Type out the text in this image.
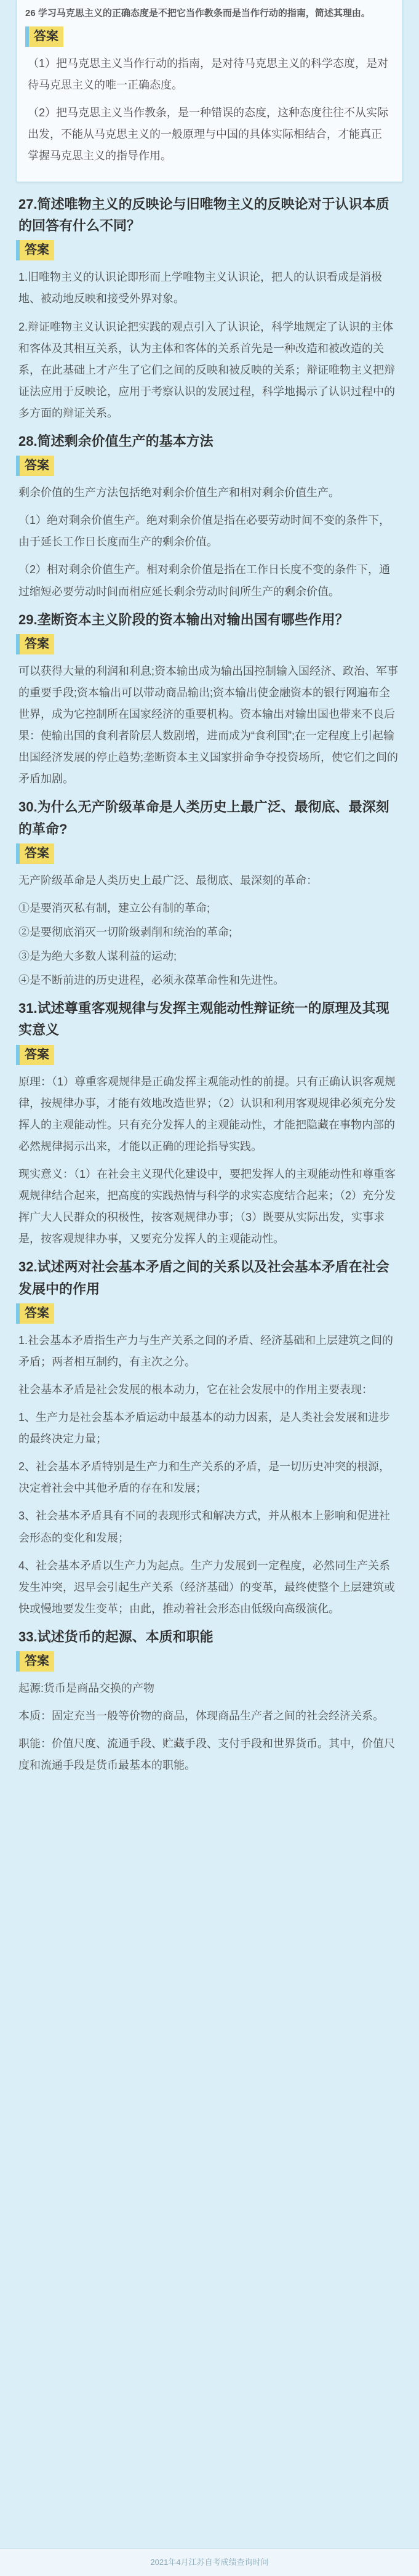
26 学习马克思主义的正确态度是不把它当作教条而是当作行动的指南，简述其理由。
答案
（1）把马克思主义当作行动的指南，是对待马克思主义的科学态度，是对待马克思主义的唯一正确态度。
（2）把马克思主义当作教条，是一种错误的态度，这种态度往往不从实际出发，不能从马克思主义的一般原理与中国的具体实际相结合，才能真正掌握马克思主义的指导作用。
27.简述唯物主义的反映论与旧唯物主义的反映论对于认识本质的回答有什么不同？
答案
1.旧唯物主义的认识论即形而上学唯物主义认识论，把人的认识看成是消极地、被动地反映和接受外界对象。
2.辩证唯物主义认识论把实践的观点引入了认识论，科学地规定了认识的主体和客体及其相互关系，认为主体和客体的关系首先是一种改造和被改造的关系，在此基础上才产生了它们之间的反映和被反映的关系；辩证唯物主义把辩证法应用于反映论，应用于考察认识的发展过程，科学地揭示了认识过程中的多方面的辩证关系。
28.简述剩余价值生产的基本方法
答案
剩余价值的生产方法包括绝对剩余价值生产和相对剩余价值生产。
（1）绝对剩余价值生产。绝对剩余价值是指在必要劳动时间不变的条件下，由于延长工作日长度而生产的剩余价值。
（2）相对剩余价值生产。相对剩余价值是指在工作日长度不变的条件下，通过缩短必要劳动时间而相应延长剩余劳动时间所生产的剩余价值。
29.垄断资本主义阶段的资本输出对输出国有哪些作用？
答案
可以获得大量的利润和利息;资本输出成为输出国控制输入国经济、政治、军事的重要手段;资本输出可以带动商品输出;资本输出使金融资本的银行网遍布全世界，成为它控制所在国家经济的重要机构。资本输出对输出国也带来不良后果：使输出国的食利者阶层人数剧增，进而成为“食利国”;在一定程度上引起输出国经济发展的停止趋势;垄断资本主义国家拼命争夺投资场所，使它们之间的矛盾加剧。
30.为什么无产阶级革命是人类历史上最广泛、最彻底、最深刻的革命?
答案
无产阶级革命是人类历史上最广泛、最彻底、最深刻的革命：
①是要消灭私有制，建立公有制的革命;
②是要彻底消灭一切阶级剥削和统治的革命;
③是为绝大多数人谋利益的运动;
④是不断前进的历史进程，必须永葆革命性和先进性。
31.试述尊重客观规律与发挥主观能动性辩证统一的原理及其现实意义
答案
原理：（1）尊重客观规律是正确发挥主观能动性的前提。只有正确认识客观规律，按规律办事，才能有效地改造世界；（2）认识和利用客观规律必须充分发挥人的主观能动性。只有充分发挥人的主观能动性，才能把隐藏在事物内部的必然规律揭示出来，才能以正确的理论指导实践。
现实意义：（1）在社会主义现代化建设中，要把发挥人的主观能动性和尊重客观规律结合起来，把高度的实践热情与科学的求实态度结合起来；（2）充分发挥广大人民群众的积极性，按客观规律办事；（3）既要从实际出发，实事求是，按客观规律办事，又要充分发挥人的主观能动性。
32.试述两对社会基本矛盾之间的关系以及社会基本矛盾在社会发展中的作用
答案
1.社会基本矛盾指生产力与生产关系之间的矛盾、经济基础和上层建筑之间的矛盾；两者相互制约，有主次之分。
社会基本矛盾是社会发展的根本动力，它在社会发展中的作用主要表现：
1、生产力是社会基本矛盾运动中最基本的动力因素，是人类社会发展和进步的最终决定力量；
2、社会基本矛盾特别是生产力和生产关系的矛盾，是一切历史冲突的根源，决定着社会中其他矛盾的存在和发展；
3、社会基本矛盾具有不同的表现形式和解决方式，并从根本上影响和促进社会形态的变化和发展；
4、社会基本矛盾以生产力为起点。生产力发展到一定程度，必然同生产关系发生冲突，迟早会引起生产关系（经济基础）的变革，最终使整个上层建筑或快或慢地要发生变革；由此，推动着社会形态由低级向高级演化。
33.试述货币的起源、本质和职能
答案
起源:货币是商品交换的产物
本质：固定充当一般等价物的商品，体现商品生产者之间的社会经济关系。
职能：价值尺度、流通手段、贮藏手段、支付手段和世界货币。其中，价值尺度和流通手段是货币最基本的职能。
2021年4月江苏自考成绩查询时间
